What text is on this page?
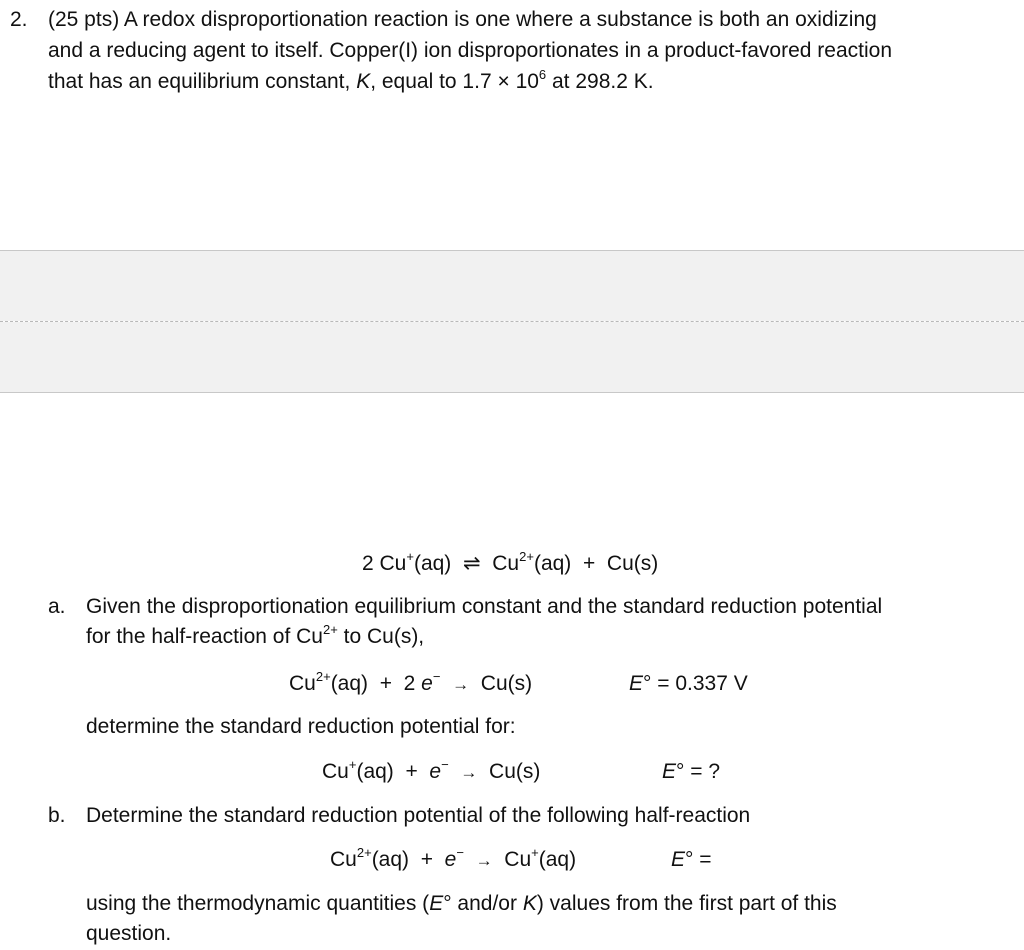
2. (25 pts) A redox disproportionation reaction is one where a substance is both an oxidizing
and a reducing agent to itself. Copper(I) ion disproportionates in a product-favored reaction
that has an equilibrium constant, K, equal to $1.7 \times 10^6$ at 298.2 K.
2 Cu+(aq) ⇌ $Cu^{2+}(aq) + Cu(s)$
a. Given the disproportionation equilibrium constant and the standard reduction potential
for the half-reaction of $Cu^{2+}$ to Cu(s),
$Cu^{2+}(aq) + 2$ e− → Cu(s)	E° = 0.337 V
determine the standard reduction potential for:
Cu+(aq) + e− → Cu(s)	E° = ?
b. Determine the standard reduction potential of the following half-reaction
$Cu^{2+}(aq) + e^- \to Cu^+(aq)$	E° =
using the thermodynamic quantities (E° and/or K) values from the first part of this
question.
